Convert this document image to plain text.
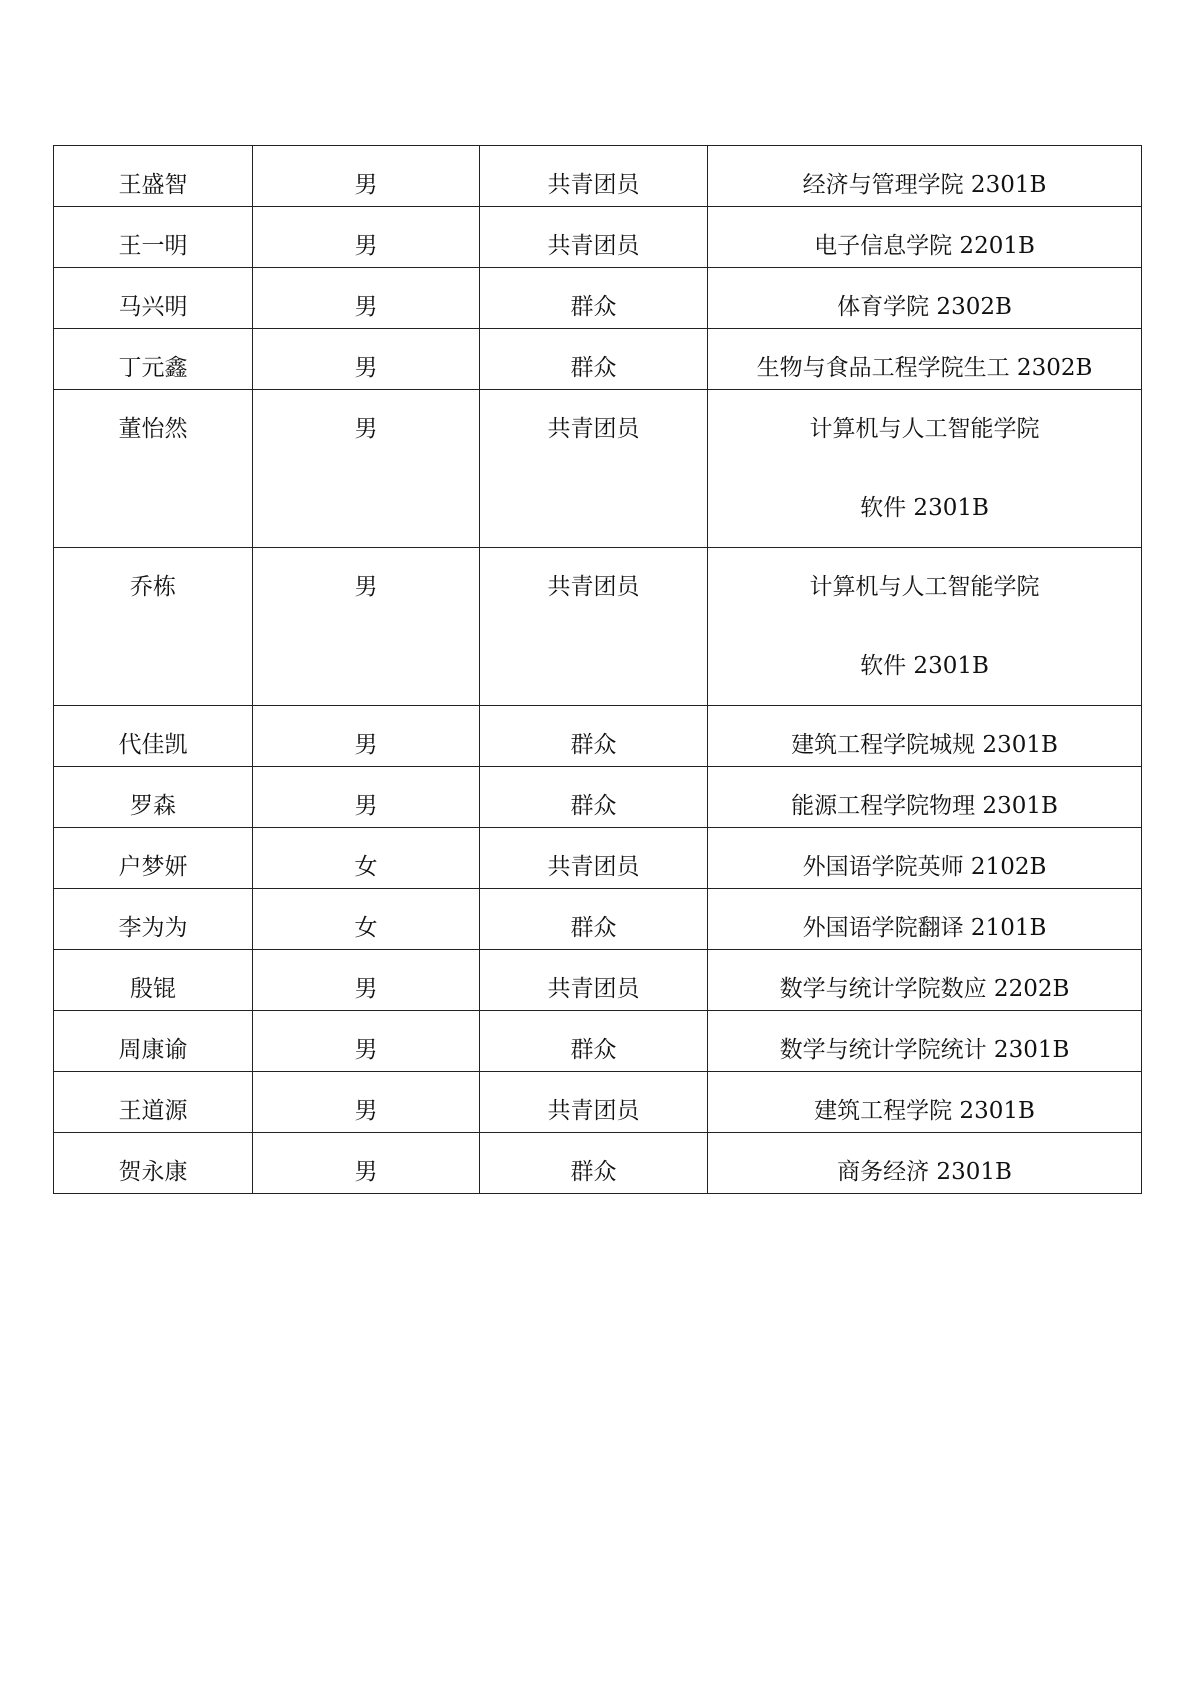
王盛智	男	共青团员	经济与管理学院 2301B

王一明	男	共青团员	电子信息学院 2201B

马兴明	男	群众	体育学院 2302B

丁元鑫	男	群众	生物与食品工程学院生工 2302B

董怡然	男	共青团员	计算机与人工智能学院
软件 2301B

乔栋	男	共青团员	计算机与人工智能学院
软件 2301B

代佳凯	男	群众	建筑工程学院城规 2301B

罗森	男	群众	能源工程学院物理 2301B

户梦妍	女	共青团员	外国语学院英师 2102B

李为为	女	群众	外国语学院翻译 2101B

殷锟	男	共青团员	数学与统计学院数应 2202B

周康谕	男	群众	数学与统计学院统计 2301B

王道源	男	共青团员	建筑工程学院 2301B

贺永康	男	群众	商务经济 2301B
